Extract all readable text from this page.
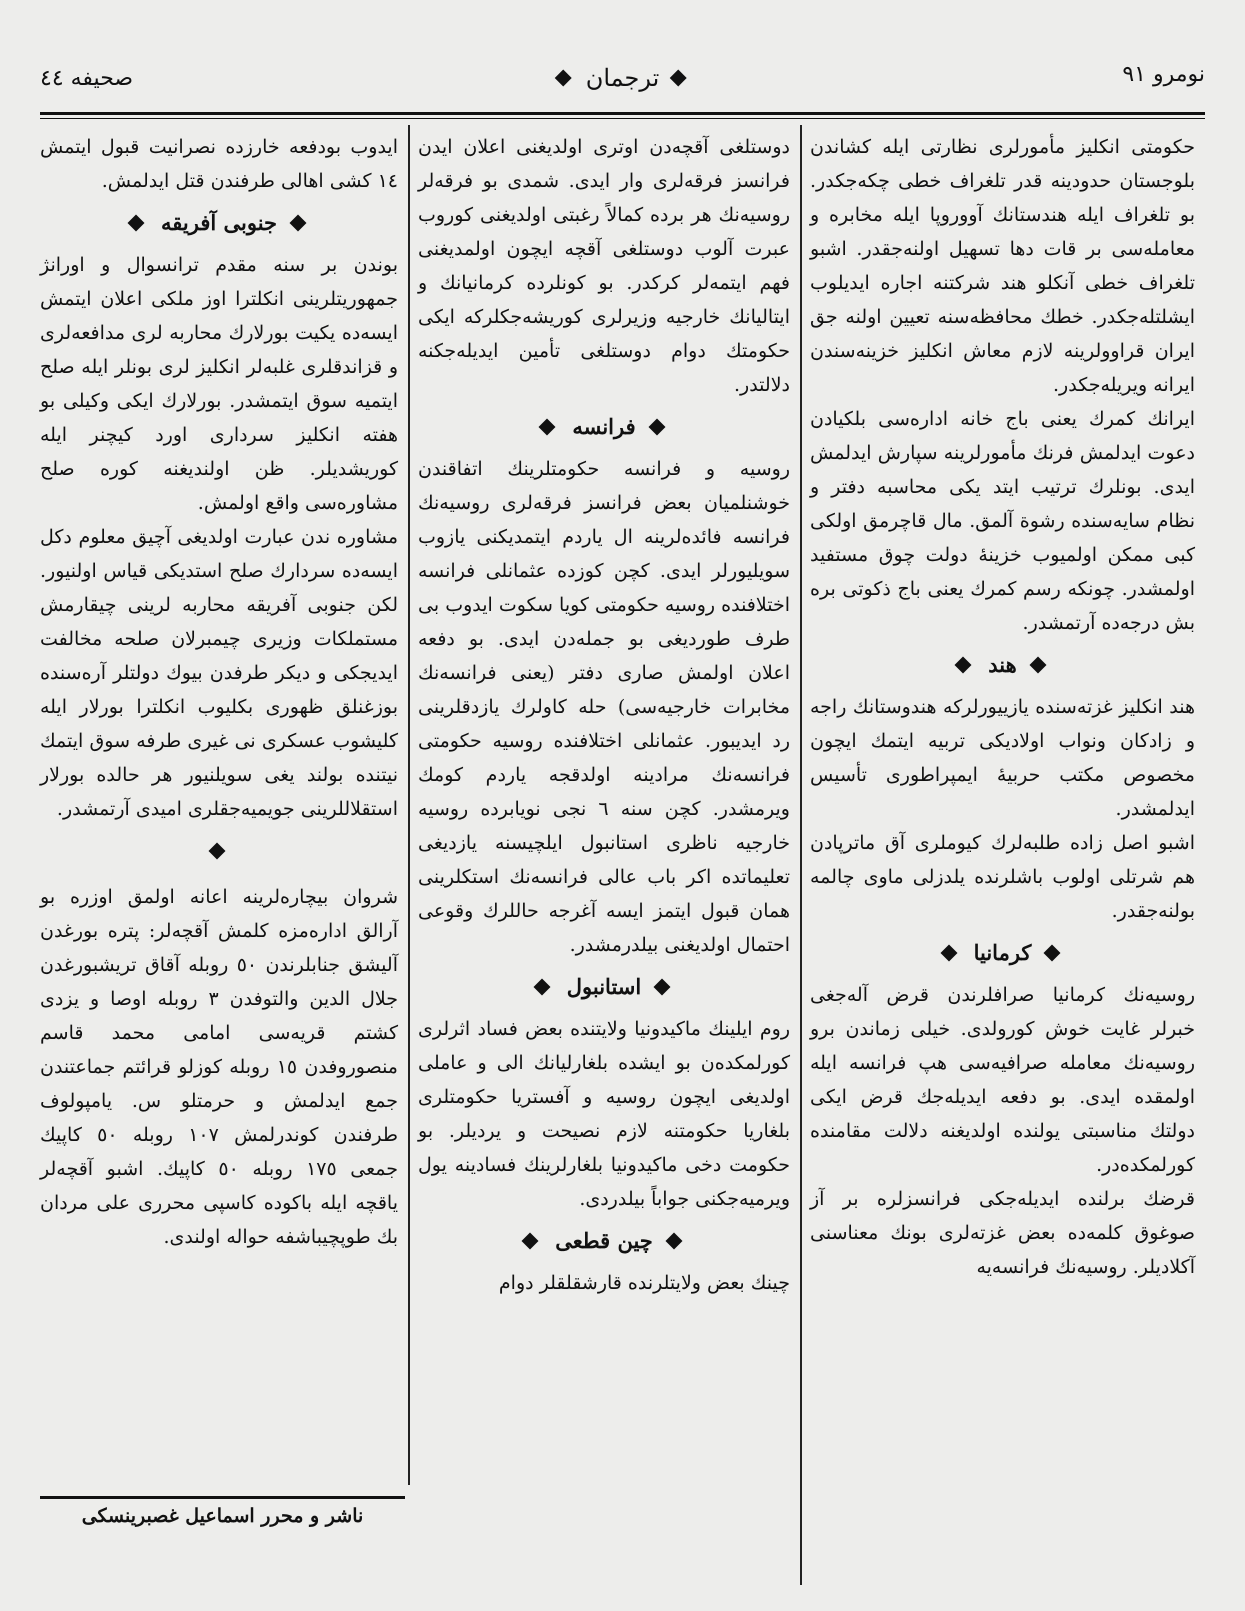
صحیفه ٤٤	ترجمان	نومرو ٩١

حکومتی انکلیز مأمورلری نظارتی ایله کشاندن بلوجستان حدودینه قدر تلغراف خطی چکه‌جکدر. بو تلغراف ایله هندستانك آووروپا ایله مخابره و معامله‌سی بر قات دها تسهیل اولنه‌جقدر. اشبو تلغراف خطی آنکلو هند شرکتنه اجاره ایدیلوب ایشلتله‌جکدر. خطك محافظه‌سنه تعیین اولنه جق ایران قراوولرینه لازم معاش انکلیز خزینه‌سندن ایرانه ویریله‌جکدر.

ایرانك کمرك یعنی باج خانه اداره‌سی بلکیادن دعوت ایدلمش فرنك مأمورلرینه سپارش ایدلمش ایدی. بونلرك ترتیب ایتد یکی محاسبه دفتر و نظام سایه‌سنده رشوة آلمق. مال قاچرمق اولکی کبی ممکن اولمیوب خزینهٔ دولت چوق مستفید اولمشدر. چونکه رسم کمرك یعنی باج ذکوتی بره بش درجه‌ده آرتمشدر.

هند

هند انکلیز غزته‌سنده یازییورلرکه هندوستانك راجه و زادکان ونواب اولادیکی تربیه ایتمك ایچون مخصوص مکتب حربیهٔ ایمپراطوری تأسیس ایدلمشدر.

اشبو اصل زاده طلبه‌لرك کیوملری آق ماترپادن هم شرتلی اولوب باشلرنده یلدزلی ماوی چالمه بولنه‌جقدر.

کرمانیا

روسیه‌نك کرمانیا صرافلرندن قرض آله‌جغی خبرلر غایت خوش کورولدی. خیلی زماندن برو روسیه‌نك معامله صرافیه‌سی هپ فرانسه ایله اولمقده ایدی. بو دفعه ایدیله‌جك قرض ایکی دولتك مناسبتی یولنده اولدیغنه دلالت مقامنده کورلمکده‌در.

قرضك برلنده ایدیله‌جکی فرانسزلره بر آز صوغوق کلمه‌ده بعض غزته‌لری بونك معناسنی آکلادیلر. روسیه‌نك فرانسه‌یه

دوستلغی آقچه‌دن اوتری اولدیغنی اعلان ایدن فرانسز فرقه‌لری وار ایدی. شمدی بو فرقه‌لر روسیه‌نك هر برده کمالاً رغبتی اولدیغنی کوروب عبرت آلوب دوستلغی آقچه ایچون اولمدیغنی فهم ایتمه‌لر کرکدر. بو کونلرده کرمانیانك و ایتالیانك خارجیه وزیرلری کوریشه‌جکلرکه ایکی حکومتك دوام دوستلغی تأمین ایدیله‌جکنه دلالتدر.

فرانسه

روسیه و فرانسه حکومتلرینك اتفاقندن خوشنلمیان بعض فرانسز فرقه‌لری روسیه‌نك فرانسه فائده‌لرینه ال یاردم ایتمدیکنی یازوب سویلیورلر ایدی. کچن کوزده عثمانلی فرانسه اختلافنده روسیه حکومتی کویا سکوت ایدوب بی طرف طوردیغی بو جمله‌دن ایدی. بو دفعه اعلان اولمش صاری دفتر (یعنی فرانسه‌نك مخابرات خارجیه‌سی) حله کاولرك یازدقلرینی رد ایدیبور. عثمانلی اختلافنده روسیه حکومتی فرانسه‌نك مرادینه اولدقجه یاردم کومك ویرمشدر. کچن سنه ٦ نجی نویابرده روسیه خارجیه ناظری استانبول ایلچیسنه یازدیغی تعلیماتده اکر باب عالی فرانسه‌نك استکلرینی همان قبول ایتمز ایسه آغرجه حاللرك وقوعی احتمال اولدیغنی بیلدرمشدر.

استانبول

روم ایلینك ماکیدونیا ولایتنده بعض فساد اثرلری کورلمکده‌ن بو ایشده بلغارلیانك الی و عاملی اولدیغی ایچون روسیه و آفستریا حکومتلری بلغاریا حکومتنه لازم نصیحت و یردیلر. بو حکومت دخی ماکیدونیا بلغارلرینك فسادینه یول ویرمیه‌جکنی جواباً بیلدردی.

چین قطعی

چینك بعض ولایتلرنده قارشقلقلر دوام

ایدوب بودفعه خارزده نصرانیت قبول ایتمش ١٤ کشی اهالی طرفندن قتل ایدلمش.

جنوبی آفریقه

بوندن بر سنه مقدم ترانسوال و اورانژ جمهوریتلرینی انکلترا اوز ملکی اعلان ایتمش ایسه‌ده یکیت بورلارك محاربه لری مدافعه‌لری و قزاندقلری غلبه‌لر انکلیز لری بونلر ایله صلح ایتمیه سوق ایتمشدر. بورلارك ایکی وکیلی بو هفته انکلیز سرداری اورد کیچنر ایله کوریشدیلر. ظن اولندیغنه کوره صلح مشاوره‌سی واقع اولمش.

مشاوره ندن عبارت اولدیغی آچیق معلوم دکل ایسه‌ده سردارك صلح استدیکی قیاس اولنیور. لکن جنوبی آفریقه محاربه لرینی چیقارمش مستملکات وزیری چیمبرلان صلحه مخالفت ایدیجکی و دیکر طرفدن بیوك دولتلر آره‌سنده بوزغنلق ظهوری بکلیوب انکلترا بورلار ایله کلیشوب عسکری نی غیری طرفه سوق ایتمك نیتنده بولند یغی سویلنیور هر حالده بورلار استقلاللرینی جویمیه‌جقلری امیدی آرتمشدر.

شروان بیچاره‌لرینه اعانه اولمق اوزره بو آرالق اداره‌مزه کلمش آقچه‌لر: پتره بورغدن آلیشق جنابلرندن ٥٠ روبله آقاق تریشبورغدن جلال الدین والتوفدن ٣ روبله اوصا و یزدی کشتم قریه‌سی امامی محمد قاسم منصوروفدن ١٥ روبله کوزلو قرائتم جماعتندن جمع ایدلمش و حرمتلو س. یامپولوف طرفندن کوندرلمش ١٠٧ روبله ٥٠ کاپیك جمعی ١٧٥ روبله ٥٠ کاپیك. اشبو آقچه‌لر یاقچه ایله باکوده کاسپی محرری علی مردان بك طوپچیباشفه حواله اولندی.

ناشر و محرر اسماعیل غصبرینسکی
